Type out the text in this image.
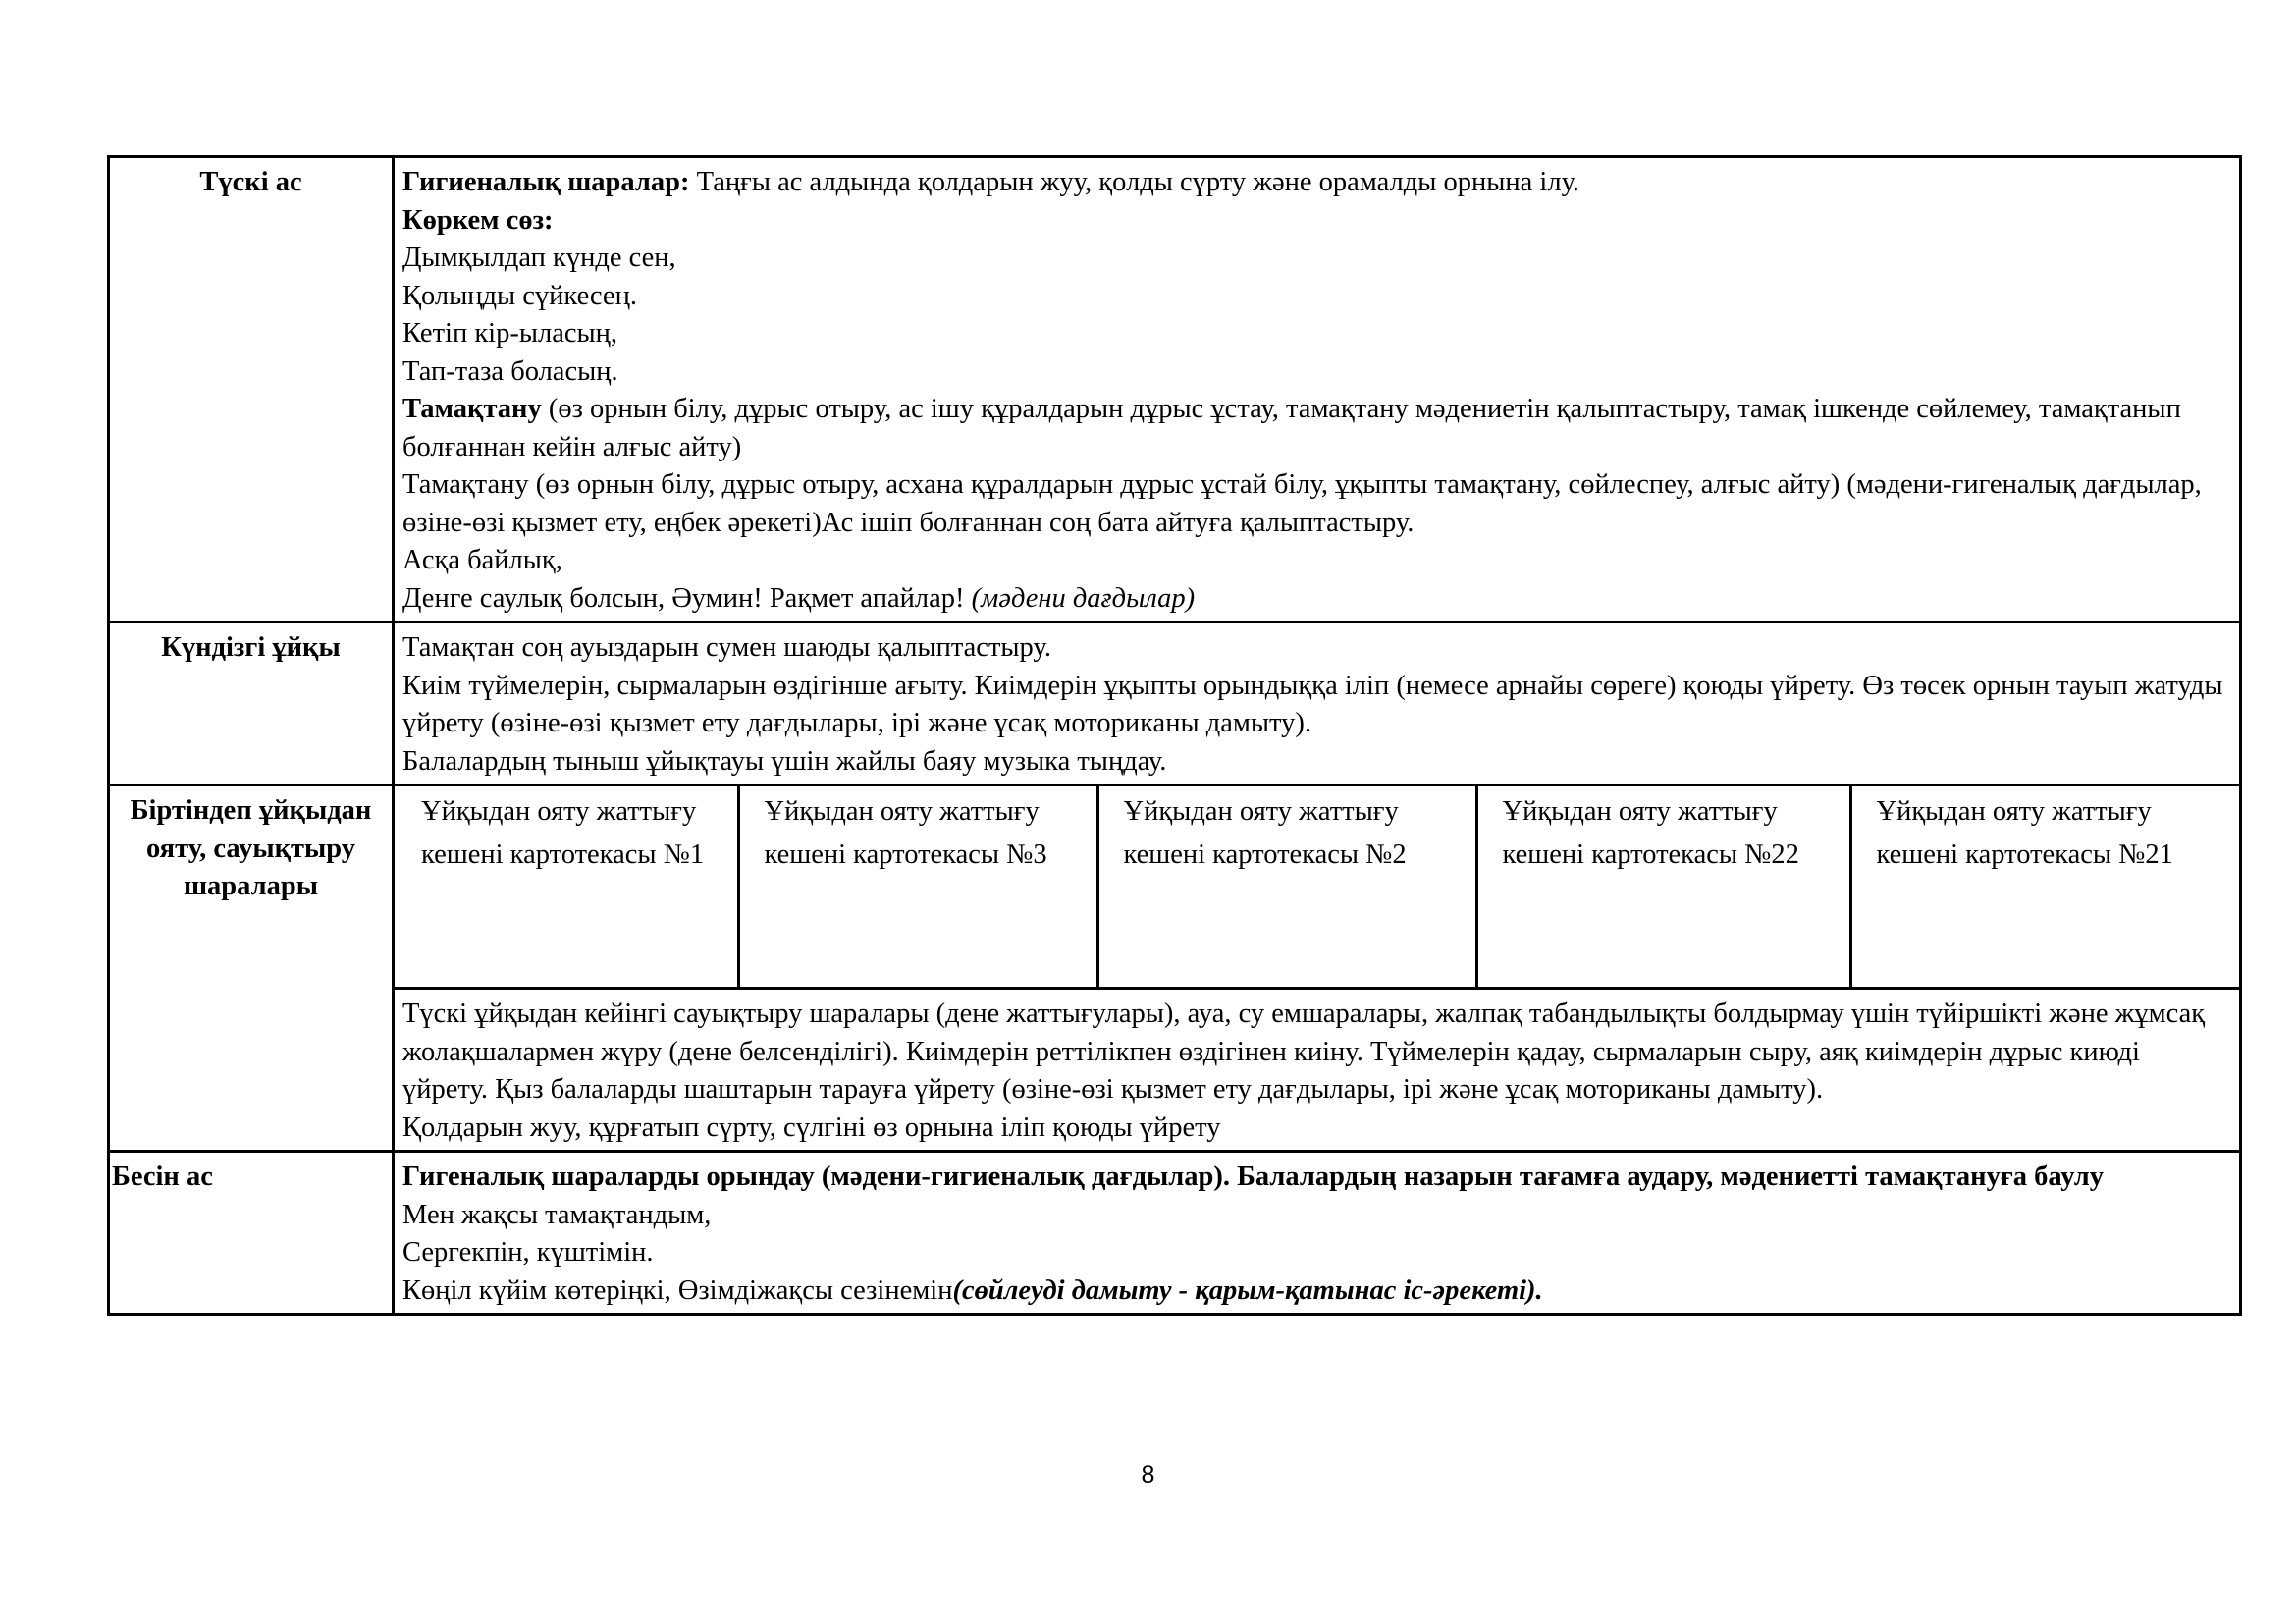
Түскі ас	Гигиеналық шаралар: Таңғы ас алдында қолдарын жуу, қолды сүрту және орамалды орнына ілу.
Көркем сөз:
Дымқылдап күнде сен,
Қолыңды сүйкесең.
Кетіп кір-ыласың,
Тап-таза боласың.
Тамақтану (өз орнын білу, дұрыс отыру, ас ішу құралдарын дұрыс ұстау, тамақтану мәдениетін қалыптастыру, тамақ ішкенде сөйлемеу, тамақтанып болғаннан кейін алғыс айту)
Тамақтану (өз орнын білу, дұрыс отыру, асхана құралдарын дұрыс ұстай білу, ұқыпты тамақтану, сөйлеспеу, алғыс айту) (мәдени-гигеналық дағдылар, өзіне-өзі қызмет ету, еңбек әрекеті)Ас ішіп болғаннан соң бата айтуға қалыптастыру.
Асқа байлық,
Денге саулық болсын, Әумин! Рақмет апайлар! (мәдени дағдылар)

Күндізгі ұйқы	Тамақтан соң ауыздарын сумен шаюды қалыптастыру.
Киім түймелерін, сырмаларын өздігінше ағыту. Киімдерін ұқыпты орындыққа іліп (немесе арнайы сөреге) қоюды үйрету. Өз төсек орнын тауып жатуды үйрету (өзіне-өзі қызмет ету дағдылары, ірі және ұсақ моториканы дамыту).
Балалардың тыныш ұйықтауы үшін жайлы баяу музыка тыңдау.

Біртіндеп ұйқыдан ояту, сауықтыру шаралары	
Ұйқыдан ояту жаттығу кешені картотекасы №1	Ұйқыдан ояту жаттығу кешені картотекасы №3	Ұйқыдан ояту жаттығу кешені картотекасы №2	Ұйқыдан ояту жаттығу кешені картотекасы №22	Ұйқыдан ояту жаттығу кешені картотекасы №21

Түскі ұйқыдан кейінгі сауықтыру шаралары (дене жаттығулары), ауа, су емшаралары, жалпақ табандылықты болдырмау үшін түйіршікті және жұмсақ жолақшалармен жүру (дене белсенділігі). Киімдерін реттілікпен өздігінен киіну. Түймелерін қадау, сырмаларын сыру, аяқ киімдерін дұрыс киюді үйрету. Қыз балаларды шаштарын тарауға үйрету (өзіне-өзі қызмет ету дағдылары, ірі және ұсақ моториканы дамыту).
Қолдарын жуу, құрғатып сүрту, сүлгіні өз орнына іліп қоюды үйрету

Бесін ас	Гигеналық шараларды орындау (мәдени-гигиеналық дағдылар). Балалардың назарын тағамға аудару, мәдениетті тамақтануға баулу
Мен жақсы тамақтандым,
Сергекпін, күштімін.
Көңіл күйім көтеріңкі, Өзімдіжақсы сезінемін(сөйлеуді дамыту - қарым-қатынас іс-әрекеті).
8
